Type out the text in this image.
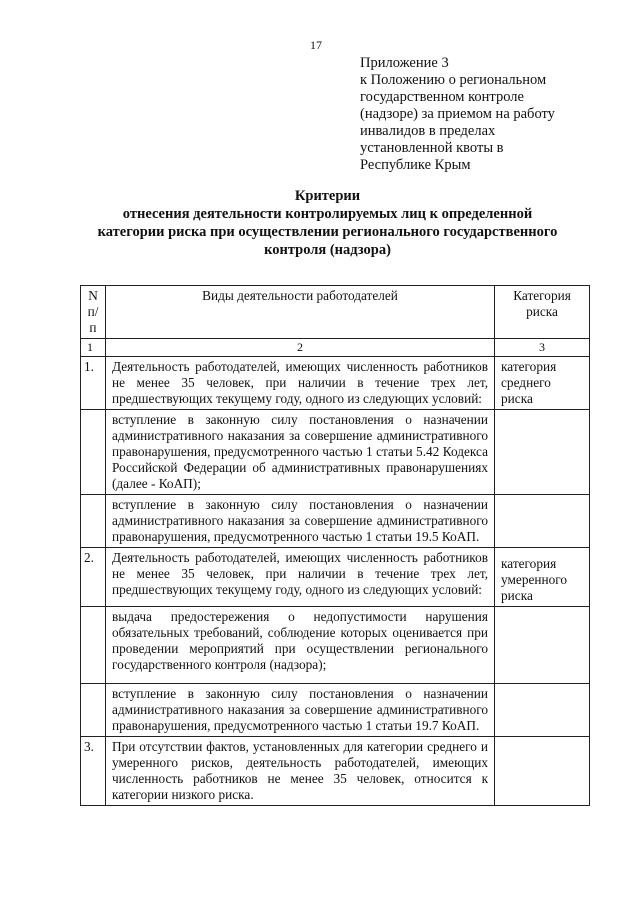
17
Приложение 3
к Положению о региональном
государственном контроле
(надзоре) за приемом на работу
инвалидов в пределах
установленной квоты в
Республике Крым
Критерии
отнесения деятельности контролируемых лиц к определенной
категории риска при осуществлении регионального государственного
контроля (надзора)
N п/п	Виды деятельности работодателей	Категория риска
1	2	3
1.	Деятельность работодателей, имеющих численность работников не менее 35 человек, при наличии в течение трех лет, предшествующих текущему году, одного из следующих условий:	категория среднего риска
	вступление в законную силу постановления о назначении административного наказания за совершение административного правонарушения, предусмотренного частью 1 статьи 5.42 Кодекса Российской Федерации об административных правонарушениях (далее - КоАП);	
	вступление в законную силу постановления о назначении административного наказания за совершение административного правонарушения, предусмотренного частью 1 статьи 19.5 КоАП.	
2.	Деятельность работодателей, имеющих численность работников не менее 35 человек, при наличии в течение трех лет, предшествующих текущему году, одного из следующих условий:	категория умеренного риска
	выдача предостережения о недопустимости нарушения обязательных требований, соблюдение которых оценивается при проведении мероприятий при осуществлении регионального государственного контроля (надзора);	
	вступление в законную силу постановления о назначении административного наказания за совершение административного правонарушения, предусмотренного частью 1 статьи 19.7 КоАП.	
3.	При отсутствии фактов, установленных для категории среднего и умеренного рисков, деятельность работодателей, имеющих численность работников не менее 35 человек, относится к категории низкого риска.	
